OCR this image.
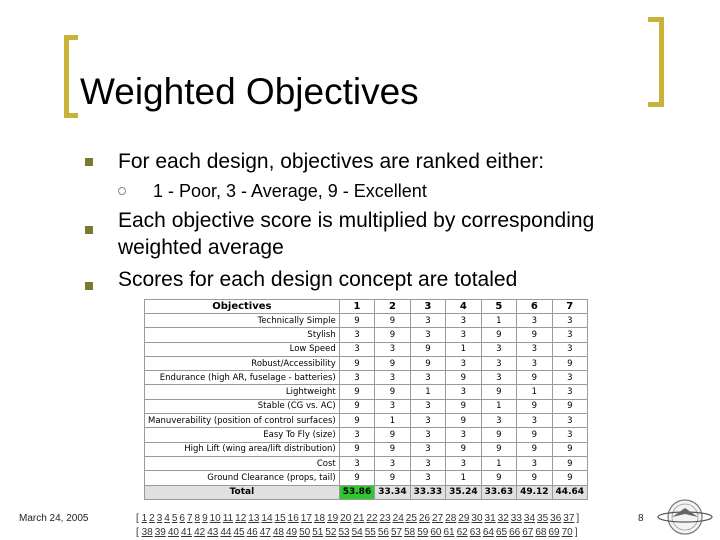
Weighted Objectives
For each design, objectives are ranked either:
1 - Poor, 3 - Average, 9 - Excellent
Each objective score is multiplied by corresponding
weighted average
Scores for each design concept are totaled
Objectives	1	2	3	4	5	6	7
Technically Simple	9	9	3	3	1	3	3
Stylish	3	9	3	3	9	9	3
Low Speed	3	3	9	1	3	3	3
Robust/Accessibility	9	9	9	3	3	3	9
Endurance (high AR, fuselage - batteries)	3	3	3	9	3	9	3
Lightweight	9	9	1	3	9	1	3
Stable (CG vs. AC)	9	3	3	9	1	9	9
Manuverability (position of control surfaces)	9	1	3	9	3	3	3
Easy To Fly (size)	3	9	3	3	9	9	3
High Lift (wing area/lift distribution)	9	9	3	9	9	9	9
Cost	3	3	3	3	1	3	9
Ground Clearance (props, tail)	9	9	3	1	9	9	9
Total	53.86	33.34	33.33	35.24	33.63	49.12	44.64
March 24, 2005	[ 1 2 3 4 5 6 7 8 9 10 11 12 13 14 15 16 17 18 19 20 21 22 23 24 25 26 27 28 29 30 31 32 33 34 35 36 37 ]
[ 38 39 40 41 42 43 44 45 46 47 48 49 50 51 52 53 54 55 56 57 58 59 60 61 62 63 64 65 66 67 68 69 70 ]
8
